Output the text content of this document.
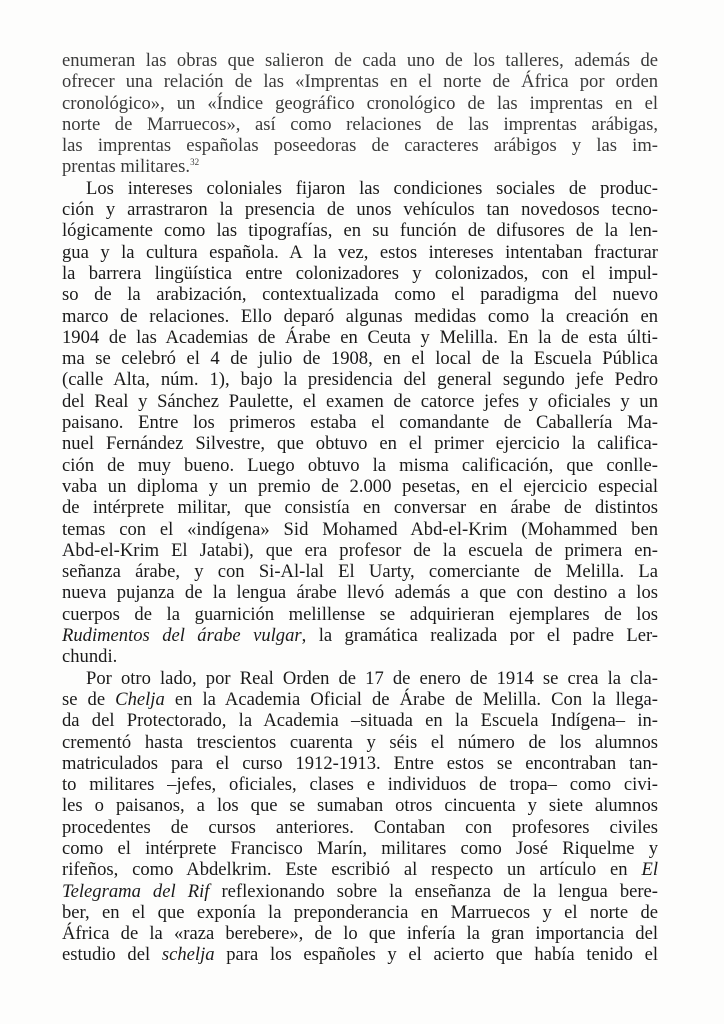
enumeran las obras que salieron de cada uno de los talleres, además de
ofrecer una relación de las «Imprentas en el norte de África por orden
cronológico», un «Índice geográfico cronológico de las imprentas en el
norte de Marruecos», así como relaciones de las imprentas arábigas,
las imprentas españolas poseedoras de caracteres arábigos y las im-
prentas militares.$^{32}$
Los intereses coloniales fijaron las condiciones sociales de produc-
ción y arrastraron la presencia de unos vehículos tan novedosos tecno-
lógicamente como las tipografías, en su función de difusores de la len-
gua y la cultura española. A la vez, estos intereses intentaban fracturar
la barrera lingüística entre colonizadores y colonizados, con el impul-
so de la arabización, contextualizada como el paradigma del nuevo
marco de relaciones. Ello deparó algunas medidas como la creación en
1904 de las Academias de Árabe en Ceuta y Melilla. En la de esta últi-
ma se celebró el 4 de julio de 1908, en el local de la Escuela Pública
(calle Alta, núm. 1), bajo la presidencia del general segundo jefe Pedro
del Real y Sánchez Paulette, el examen de catorce jefes y oficiales y un
paisano. Entre los primeros estaba el comandante de Caballería Ma-
nuel Fernández Silvestre, que obtuvo en el primer ejercicio la califica-
ción de muy bueno. Luego obtuvo la misma calificación, que conlle-
vaba un diploma y un premio de 2.000 pesetas, en el ejercicio especial
de intérprete militar, que consistía en conversar en árabe de distintos
temas con el «indígena» Sid Mohamed Abd-el-Krim (Mohammed ben
Abd-el-Krim El Jatabi), que era profesor de la escuela de primera en-
señanza árabe, y con Si-Al-lal El Uarty, comerciante de Melilla. La
nueva pujanza de la lengua árabe llevó además a que con destino a los
cuerpos de la guarnición melillense se adquirieran ejemplares de los
Rudimentos del árabe vulgar, la gramática realizada por el padre Ler-
chundi.
Por otro lado, por Real Orden de 17 de enero de 1914 se crea la cla-
se de Chelja en la Academia Oficial de Árabe de Melilla. Con la llega-
da del Protectorado, la Academia –situada en la Escuela Indígena– in-
crementó hasta trescientos cuarenta y séis el número de los alumnos
matriculados para el curso 1912-1913. Entre estos se encontraban tan-
to militares –jefes, oficiales, clases e individuos de tropa– como civi-
les o paisanos, a los que se sumaban otros cincuenta y siete alumnos
procedentes de cursos anteriores. Contaban con profesores civiles
como el intérprete Francisco Marín, militares como José Riquelme y
rifeños, como Abdelkrim. Este escribió al respecto un artículo en El
Telegrama del Rif reflexionando sobre la enseñanza de la lengua bere-
ber, en el que exponía la preponderancia en Marruecos y el norte de
África de la «raza berebere», de lo que infería la gran importancia del
estudio del schelja para los españoles y el acierto que había tenido el
